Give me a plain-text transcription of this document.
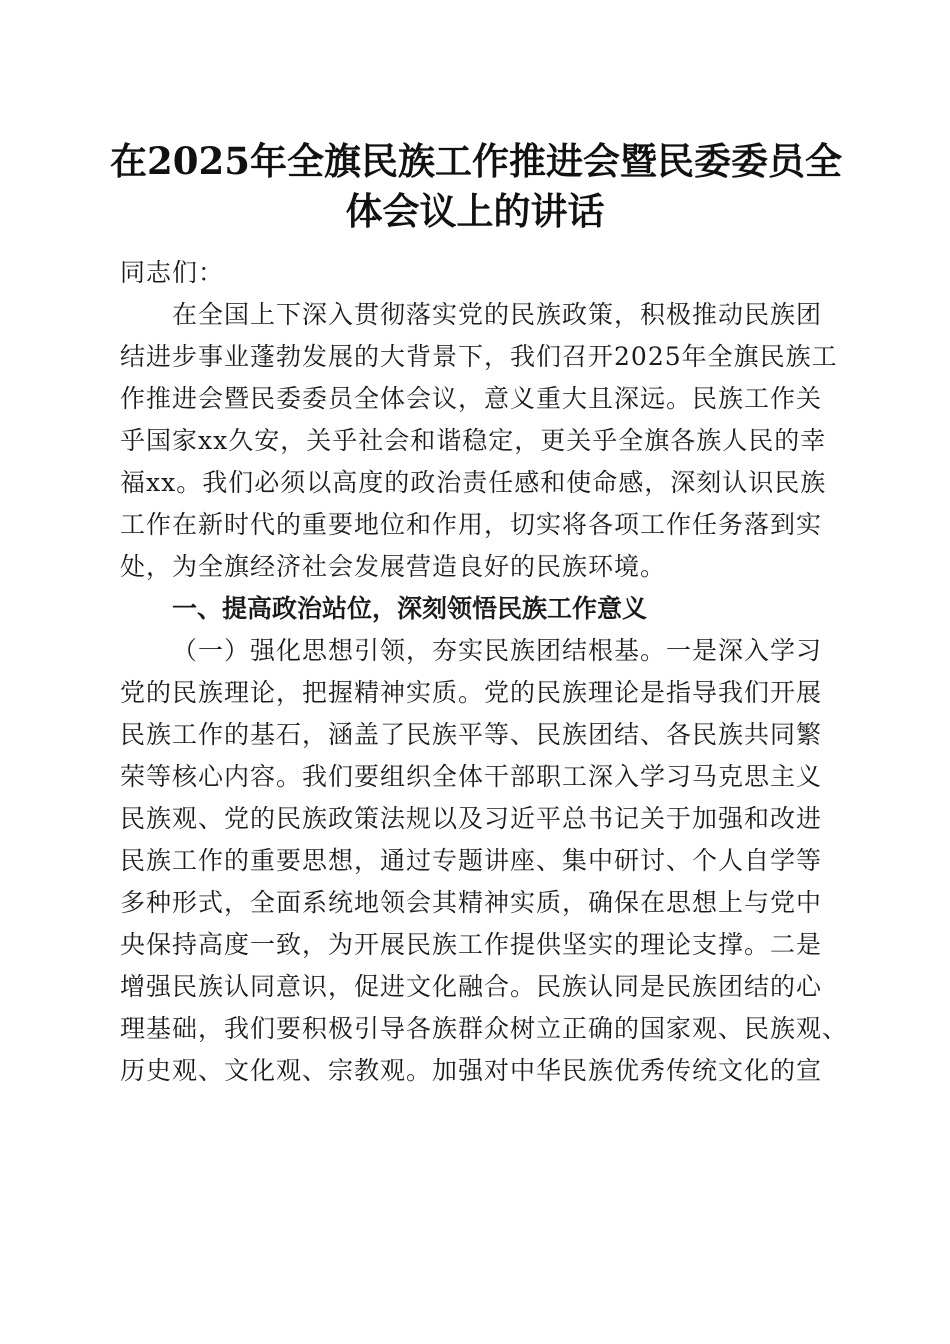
在2025年全旗民族工作推进会暨民委委员全
体会议上的讲话
同志们：
在全国上下深入贯彻落实党的民族政策，积极推动民族团
结进步事业蓬勃发展的大背景下，我们召开2025年全旗民族工
作推进会暨民委委员全体会议，意义重大且深远。民族工作关
乎国家xx久安，关乎社会和谐稳定，更关乎全旗各族人民的幸
福xx。我们必须以高度的政治责任感和使命感，深刻认识民族
工作在新时代的重要地位和作用，切实将各项工作任务落到实
处，为全旗经济社会发展营造良好的民族环境。
一、提高政治站位，深刻领悟民族工作意义
（一）强化思想引领，夯实民族团结根基。一是深入学习
党的民族理论，把握精神实质。党的民族理论是指导我们开展
民族工作的基石，涵盖了民族平等、民族团结、各民族共同繁
荣等核心内容。我们要组织全体干部职工深入学习马克思主义
民族观、党的民族政策法规以及习近平总书记关于加强和改进
民族工作的重要思想，通过专题讲座、集中研讨、个人自学等
多种形式，全面系统地领会其精神实质，确保在思想上与党中
央保持高度一致，为开展民族工作提供坚实的理论支撑。二是
增强民族认同意识，促进文化融合。民族认同是民族团结的心
理基础，我们要积极引导各族群众树立正确的国家观、民族观、
历史观、文化观、宗教观。加强对中华民族优秀传统文化的宣
